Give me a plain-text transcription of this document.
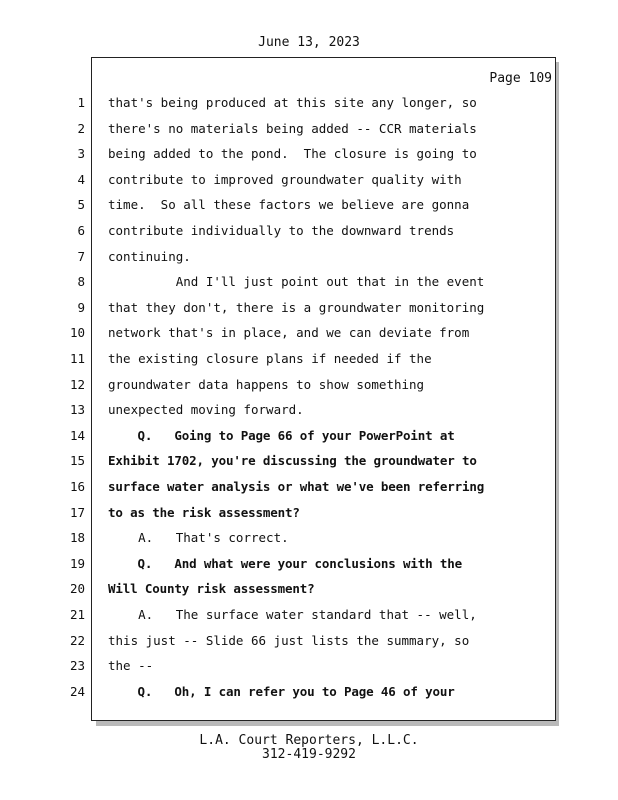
June 13, 2023
Page 109
1
2
3
4
5
6
7
8
9
10
11
12
13
14
15
16
17
18
19
20
21
22
23
24
that's being produced at this site any longer, so
there's no materials being added -- CCR materials
being added to the pond.  The closure is going to
contribute to improved groundwater quality with
time.  So all these factors we believe are gonna
contribute individually to the downward trends
continuing.
And I'll just point out that in the event
that they don't, there is a groundwater monitoring
network that's in place, and we can deviate from
the existing closure plans if needed if the
groundwater data happens to show something
unexpected moving forward.
Q.   Going to Page 66 of your PowerPoint at
Exhibit 1702, you're discussing the groundwater to
surface water analysis or what we've been referring
to as the risk assessment?
A.   That's correct.
Q.   And what were your conclusions with the
Will County risk assessment?
A.   The surface water standard that -- well,
this just -- Slide 66 just lists the summary, so
the --
Q.   Oh, I can refer you to Page 46 of your
L.A. Court Reporters, L.L.C.
312-419-9292
